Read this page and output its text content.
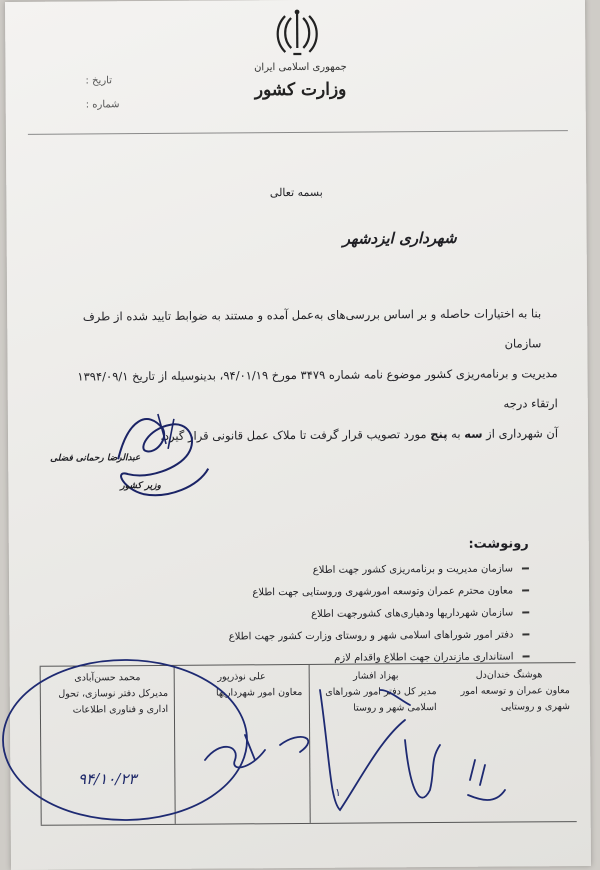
جمهوری اسلامی ایران
وزارت کشور
تاریخ :
شماره :
بسمه تعالی
شهرداری ایزدشهر

بنا به اختیارات حاصله و بر اساس بررسی‌های به‌عمل آمده و مستند به ضوابط تایید شده از طرف سازمان

مدیریت و برنامه‌ریزی کشور موضوع نامه شماره ۳۴۷۹ مورخ ۹۴/۰۱/۱۹، بدینوسیله از تاریخ ۱۳۹۴/۰۹/۱ ارتقاء درجه

آن شهرداری از سه به پنج مورد تصویب قرار گرفت تا ملاک عمل قانونی قرار گیرد.

عبدالرضا رحمانی فضلی
وزیر کشور
رونوشت:
سازمان مدیریت و برنامه‌ریزی کشور جهت اطلاع
معاون محترم عمران وتوسعه امورشهری وروستایی جهت اطلاع
سازمان شهرداریها ودهیاری‌های کشورجهت اطلاع
دفتر امور شوراهای اسلامی شهر و روستای وزارت کشور جهت اطلاع
استانداری مازندران جهت اطلاع واقدام لازم
محمد حسن‌آبادی
مدیرکل دفتر نوسازی، تحول اداری و فناوری اطلاعات
علی نوذرپور
معاون امور شهرداریها
بهزاد افشار
مدیر کل دفتر امور شوراهای اسلامی شهر و روستا
هوشنگ خندان‌دل
معاون عمران و توسعه امور شهری و روستایی
۹۴/۱۰/۲۳
۱
